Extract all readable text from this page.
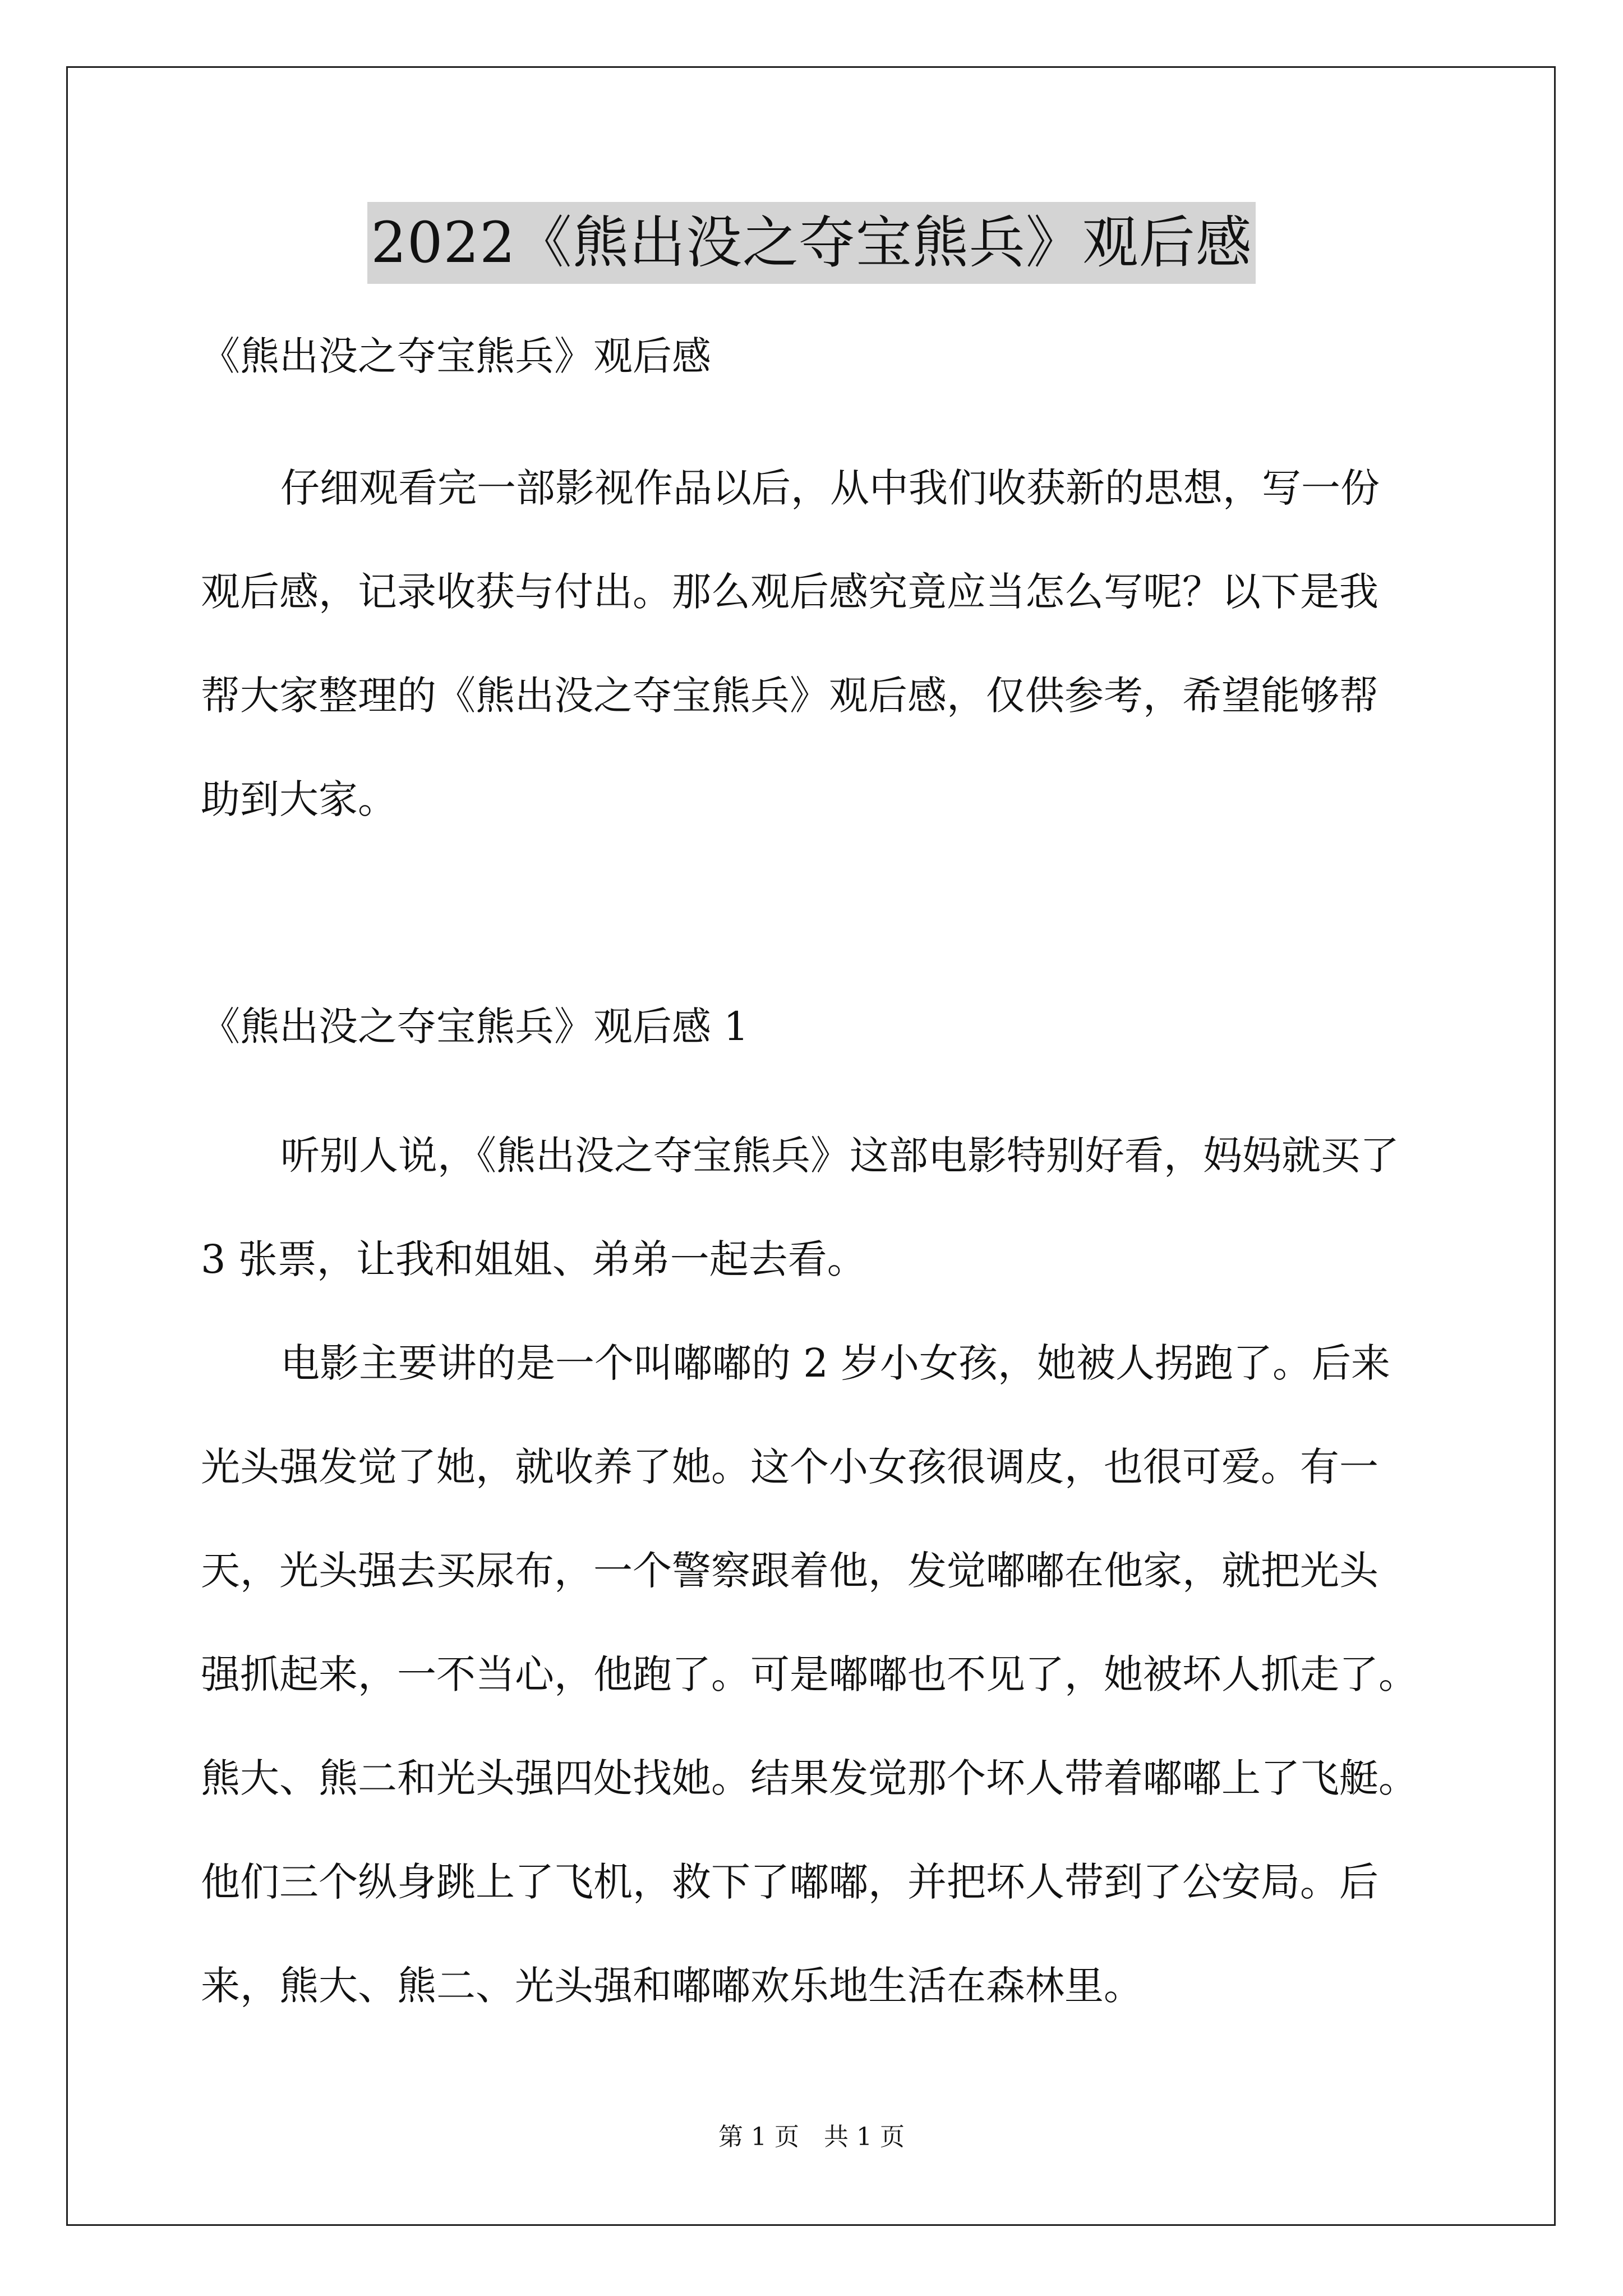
2022《熊出没之夺宝熊兵》观后感
《熊出没之夺宝熊兵》观后感
仔细观看完一部影视作品以后，从中我们收获新的思想，写一份
观后感，记录收获与付出。那么观后感究竟应当怎么写呢？以下是我
帮大家整理的《熊出没之夺宝熊兵》观后感，仅供参考，希望能够帮
助到大家。
《熊出没之夺宝熊兵》观后感 1
听别人说，《熊出没之夺宝熊兵》这部电影特别好看，妈妈就买了
3 张票，让我和姐姐、弟弟一起去看。
电影主要讲的是一个叫嘟嘟的 2 岁小女孩，她被人拐跑了。后来
光头强发觉了她，就收养了她。这个小女孩很调皮，也很可爱。有一
天，光头强去买尿布，一个警察跟着他，发觉嘟嘟在他家，就把光头
强抓起来，一不当心，他跑了。可是嘟嘟也不见了，她被坏人抓走了。
熊大、熊二和光头强四处找她。结果发觉那个坏人带着嘟嘟上了飞艇。
他们三个纵身跳上了飞机，救下了嘟嘟，并把坏人带到了公安局。后
来，熊大、熊二、光头强和嘟嘟欢乐地生活在森林里。
第 1 页　共 1 页
